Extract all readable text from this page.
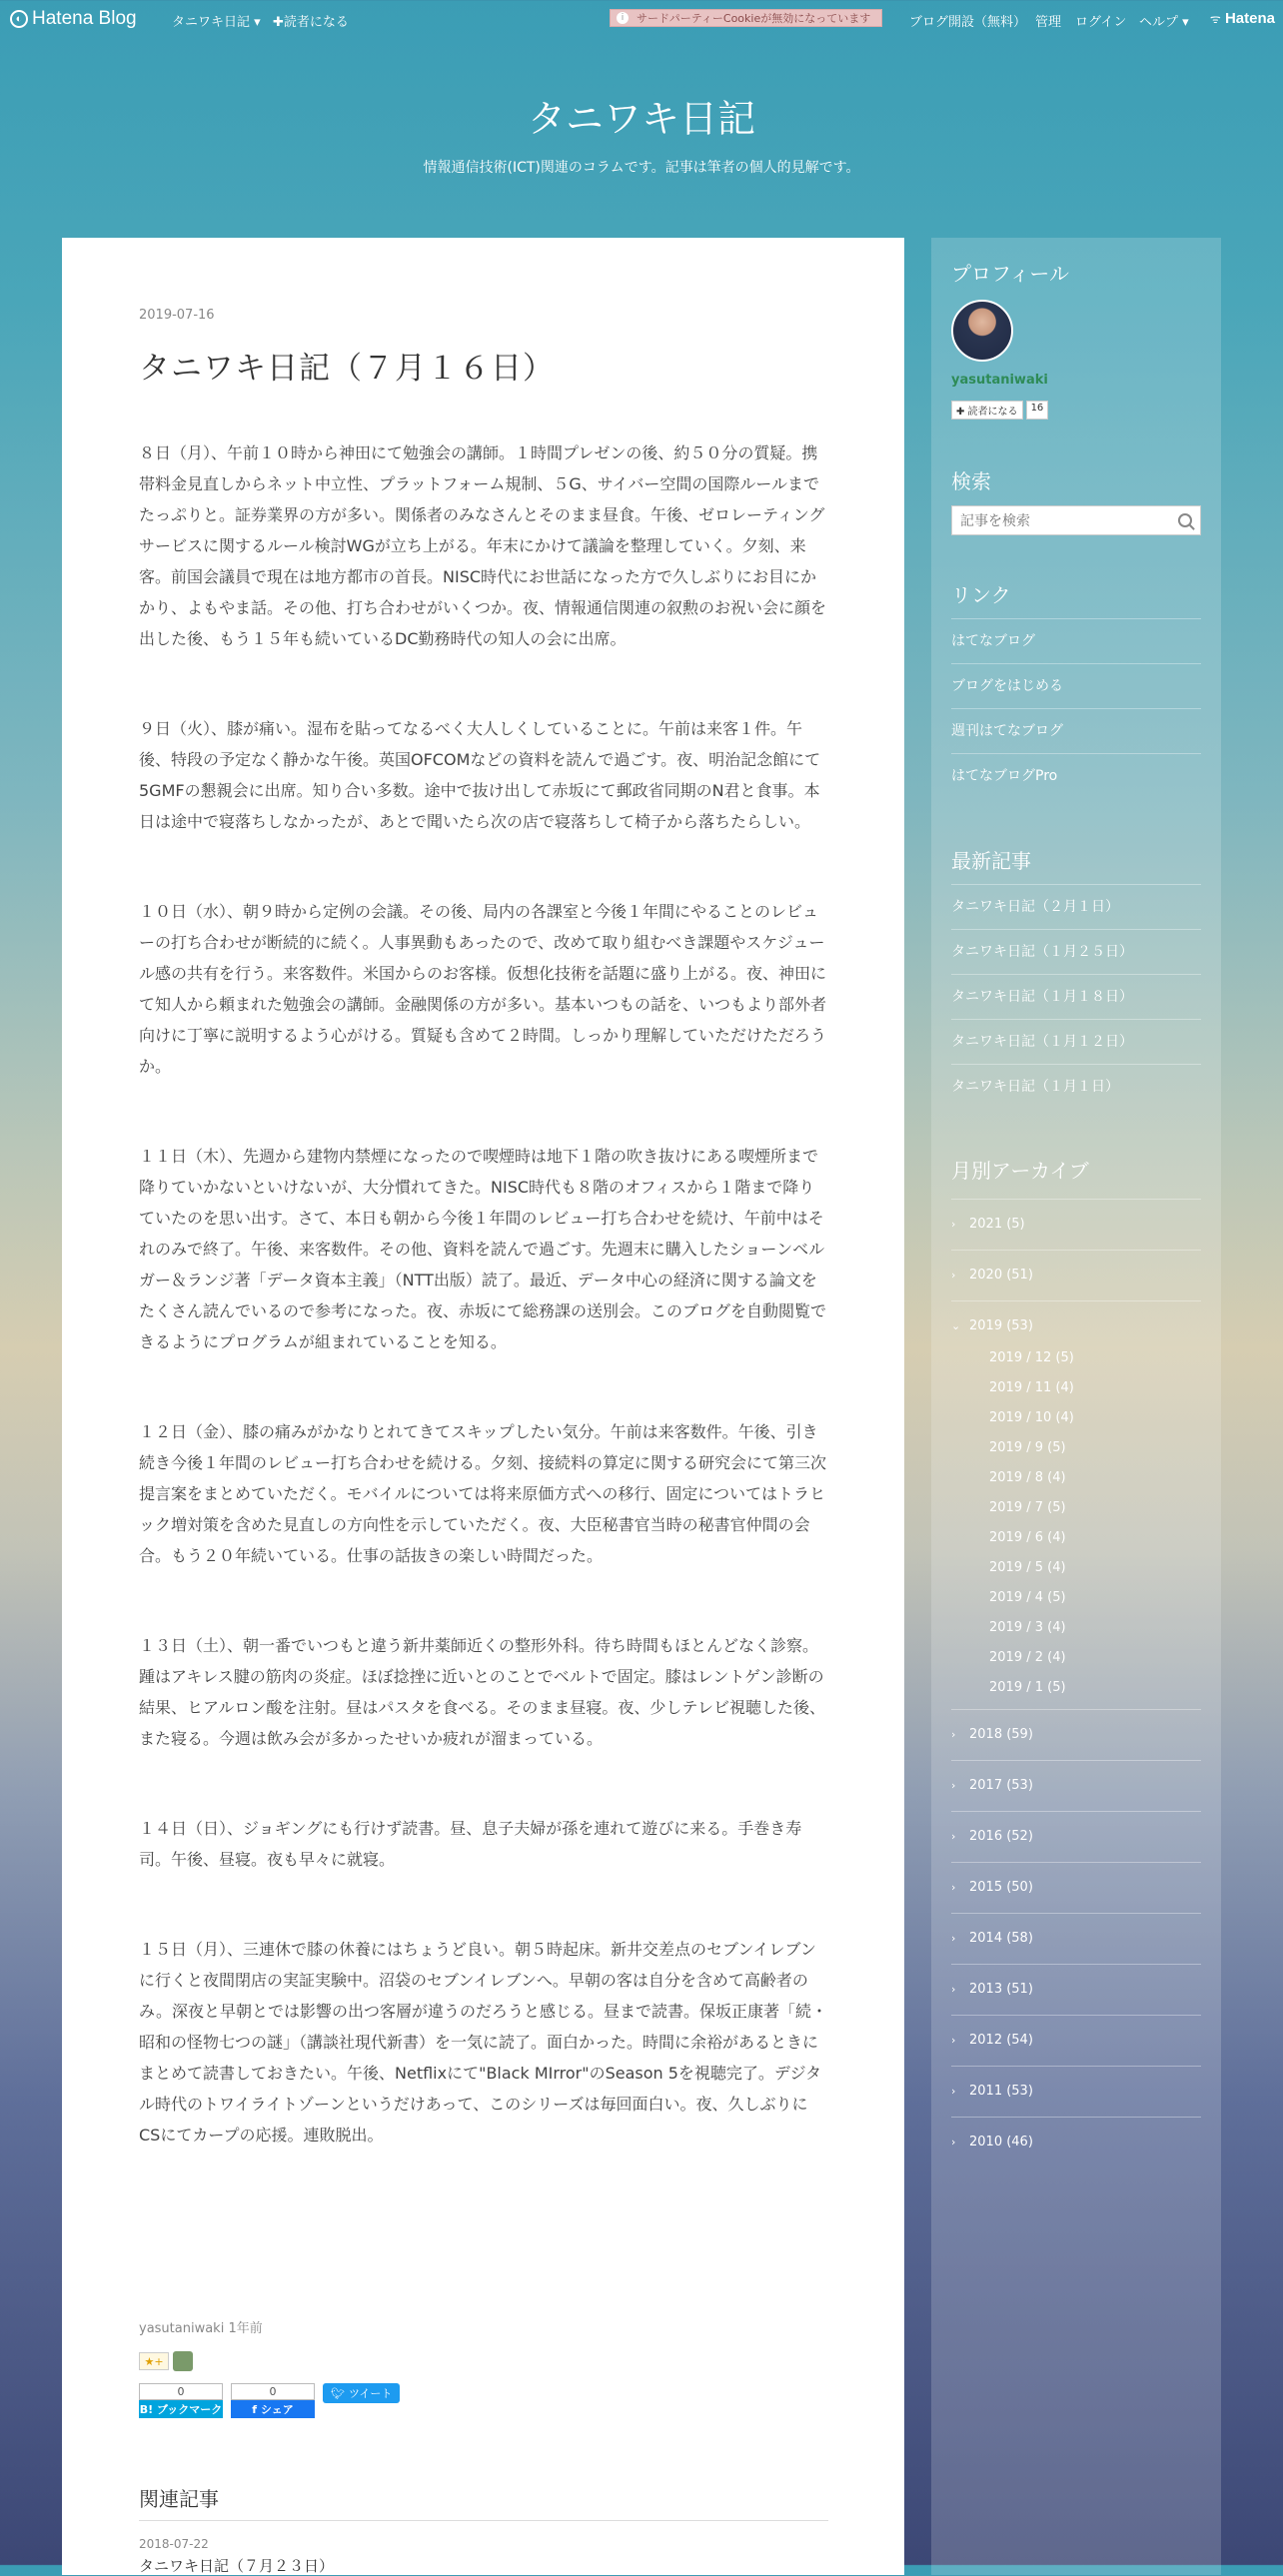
◐ Hatena Blog	タニワキ日記 ▾ ✚読者になる	i	サードパーティーCookieが無効になっています	ブログ開設（無料） 管理 ログイン ヘルプ ▾ ᯤ Hatena
タニワキ日記
情報通信技術(ICT)関連のコラムです。記事は筆者の個人的見解です。
2019-07-16
タニワキ日記（７月１６日）

８日（月）、午前１０時から神田にて勉強会の講師。１時間プレゼンの後、約５０分の質疑。携帯料金見直しからネット中立性、プラットフォーム規制、５G、サイバー空間の国際ルールまでたっぷりと。証券業界の方が多い。関係者のみなさんとそのまま昼食。午後、ゼロレーティングサービスに関するルール検討WGが立ち上がる。年末にかけて議論を整理していく。夕刻、来客。前国会議員で現在は地方都市の首長。NISC時代にお世話になった方で久しぶりにお目にかかり、よもやま話。その他、打ち合わせがいくつか。夜、情報通信関連の叙勲のお祝い会に顔を出した後、もう１５年も続いているDC勤務時代の知人の会に出席。

９日（火）、膝が痛い。湿布を貼ってなるべく大人しくしていることに。午前は来客１件。午後、特段の予定なく静かな午後。英国OFCOMなどの資料を読んで過ごす。夜、明治記念館にて5GMFの懇親会に出席。知り合い多数。途中で抜け出して赤坂にて郵政省同期のN君と食事。本日は途中で寝落ちしなかったが、あとで聞いたら次の店で寝落ちして椅子から落ちたらしい。

１０日（水）、朝９時から定例の会議。その後、局内の各課室と今後１年間にやることのレビューの打ち合わせが断続的に続く。人事異動もあったので、改めて取り組むべき課題やスケジュール感の共有を行う。来客数件。米国からのお客様。仮想化技術を話題に盛り上がる。夜、神田にて知人から頼まれた勉強会の講師。金融関係の方が多い。基本いつもの話を、いつもより部外者向けに丁寧に説明するよう心がける。質疑も含めて２時間。しっかり理解していただけただろうか。

１１日（木）、先週から建物内禁煙になったので喫煙時は地下１階の吹き抜けにある喫煙所まで降りていかないといけないが、大分慣れてきた。NISC時代も８階のオフィスから１階まで降りていたのを思い出す。さて、本日も朝から今後１年間のレビュー打ち合わせを続け、午前中はそれのみで終了。午後、来客数件。その他、資料を読んで過ごす。先週末に購入したショーンベルガー＆ランジ著「データ資本主義」（NTT出版）読了。最近、データ中心の経済に関する論文をたくさん読んでいるので参考になった。夜、赤坂にて総務課の送別会。このブログを自動閲覧できるようにプログラムが組まれていることを知る。

１２日（金）、膝の痛みがかなりとれてきてスキップしたい気分。午前は来客数件。午後、引き続き今後１年間のレビュー打ち合わせを続ける。夕刻、接続料の算定に関する研究会にて第三次提言案をまとめていただく。モバイルについては将来原価方式への移行、固定についてはトラヒック増対策を含めた見直しの方向性を示していただく。夜、大臣秘書官当時の秘書官仲間の会合。もう２０年続いている。仕事の話抜きの楽しい時間だった。

１３日（土）、朝一番でいつもと違う新井薬師近くの整形外科。待ち時間もほとんどなく診察。踵はアキレス腱の筋肉の炎症。ほぼ捻挫に近いとのことでベルトで固定。膝はレントゲン診断の結果、ヒアルロン酸を注射。昼はパスタを食べる。そのまま昼寝。夜、少しテレビ視聴した後、また寝る。今週は飲み会が多かったせいか疲れが溜まっている。

１４日（日）、ジョギングにも行けず読書。昼、息子夫婦が孫を連れて遊びに来る。手巻き寿司。午後、昼寝。夜も早々に就寝。

１５日（月）、三連休で膝の休養にはちょうど良い。朝５時起床。新井交差点のセブンイレブンに行くと夜間閉店の実証実験中。沼袋のセブンイレブンへ。早朝の客は自分を含めて高齢者のみ。深夜と早朝とでは影響の出つ客層が違うのだろうと感じる。昼まで読書。保坂正康著「続・昭和の怪物七つの謎」（講談社現代新書）を一気に読了。面白かった。時間に余裕があるときにまとめて読書しておきたい。午後、Netflixにて"Black MIrror"のSeason 5を視聴完了。デジタル時代のトワイライトゾーンというだけあって、このシリーズは毎回面白い。夜、久しぶりにCSにてカープの応援。連敗脱出。

yasutaniwaki 1年前
★+
0
B! ブックマーク
0
f シェア
🐦︎ ツイート
関連記事
2018-07-22
タニワキ日記（７月２３日）
プロフィール
yasutaniwaki
✚ 読者になる	16
検索
記事を検索
リンク
はてなブログ
ブログをはじめる
週刊はてなブログ
はてなブログPro
最新記事
タニワキ日記（２月１日）
タニワキ日記（１月２５日）
タニワキ日記（１月１８日）
タニワキ日記（１月１２日）
タニワキ日記（１月１日）
月別アーカイブ
›	2021 (5)
›	2020 (51)
⌄ 2019 (53)
2019 / 12 (5)
2019 / 11 (4)
2019 / 10 (4)
2019 / 9 (5)
2019 / 8 (4)
2019 / 7 (5)
2019 / 6 (4)
2019 / 5 (4)
2019 / 4 (5)
2019 / 3 (4)
2019 / 2 (4)
2019 / 1 (5)
›	2018 (59)
›	2017 (53)
›	2016 (52)
›	2015 (50)
›	2014 (58)
›	2013 (51)
›	2012 (54)
›	2011 (53)
›	2010 (46)
